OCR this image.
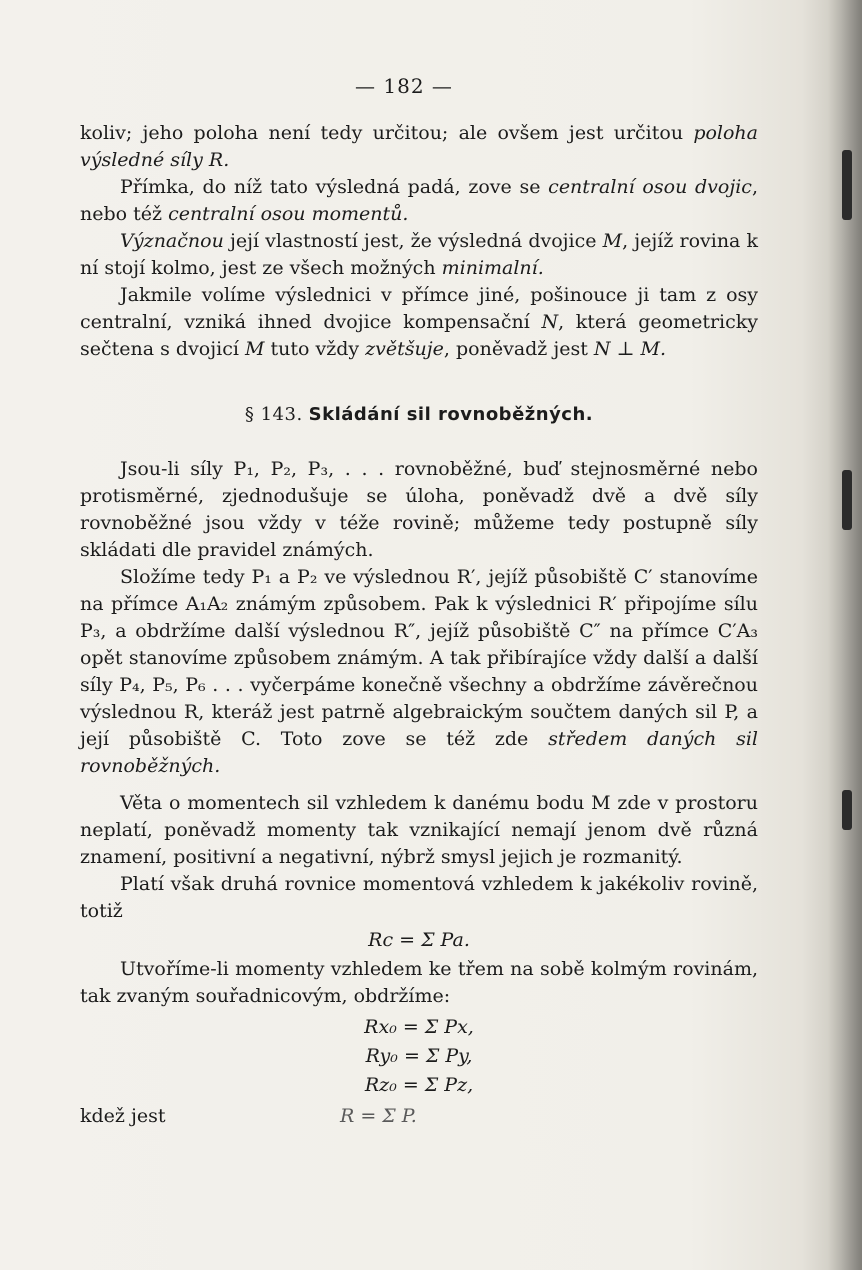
— 182 —

koliv; jeho poloha není tedy určitou; ale ovšem jest určitou poloha výsledné síly R.

Přímka, do níž tato výsledná padá, zove se centralní osou dvojic, nebo též centralní osou momentů.

Význačnou její vlastností jest, že výsledná dvojice M, jejíž rovina k ní stojí kolmo, jest ze všech možných minimalní.

Jakmile volíme výslednici v přímce jiné, pošinouce ji tam z osy centralní, vzniká ihned dvojice kompensační N, která geometricky sečtena s dvojicí M tuto vždy zvětšuje, poněvadž jest N ⊥ M.

§ 143. Skládání sil rovnoběžných.

Jsou-li síly P₁, P₂, P₃, . . . rovnoběžné, buď stejnosměrné nebo protisměrné, zjednodušuje se úloha, poněvadž dvě a dvě síly rovnoběžné jsou vždy v téže rovině; můžeme tedy postupně síly skládati dle pravidel známých.

Složíme tedy P₁ a P₂ ve výslednou R′, jejíž působiště C′ stanovíme na přímce A₁A₂ známým způsobem. Pak k výslednici R′ připojíme sílu P₃, a obdržíme další výslednou R″, jejíž působiště C″ na přímce C′A₃ opět stanovíme způsobem známým. A tak přibírajíce vždy další a další síly P₄, P₅, P₆ . . . vyčerpáme konečně všechny a obdržíme závěrečnou výslednou R, kteráž jest patrně algebraickým součtem daných sil P, a její působiště C. Toto zove se též zde středem daných sil rovnoběžných.

Věta o momentech sil vzhledem k danému bodu M zde v prostoru neplatí, poněvadž momenty tak vznikající nemají jenom dvě různá znamení, positivní a negativní, nýbrž smysl jejich je rozmanitý.

Platí však druhá rovnice momentová vzhledem k jakékoliv rovině, totiž

Rc = Σ Pa.

Utvoříme-li momenty vzhledem ke třem na sobě kolmým rovinám, tak zvaným souřadnicovým, obdržíme:

Rx₀ = Σ Px,
Ry₀ = Σ Py,
Rz₀ = Σ Pz,

kdež jest	R = Σ P.
